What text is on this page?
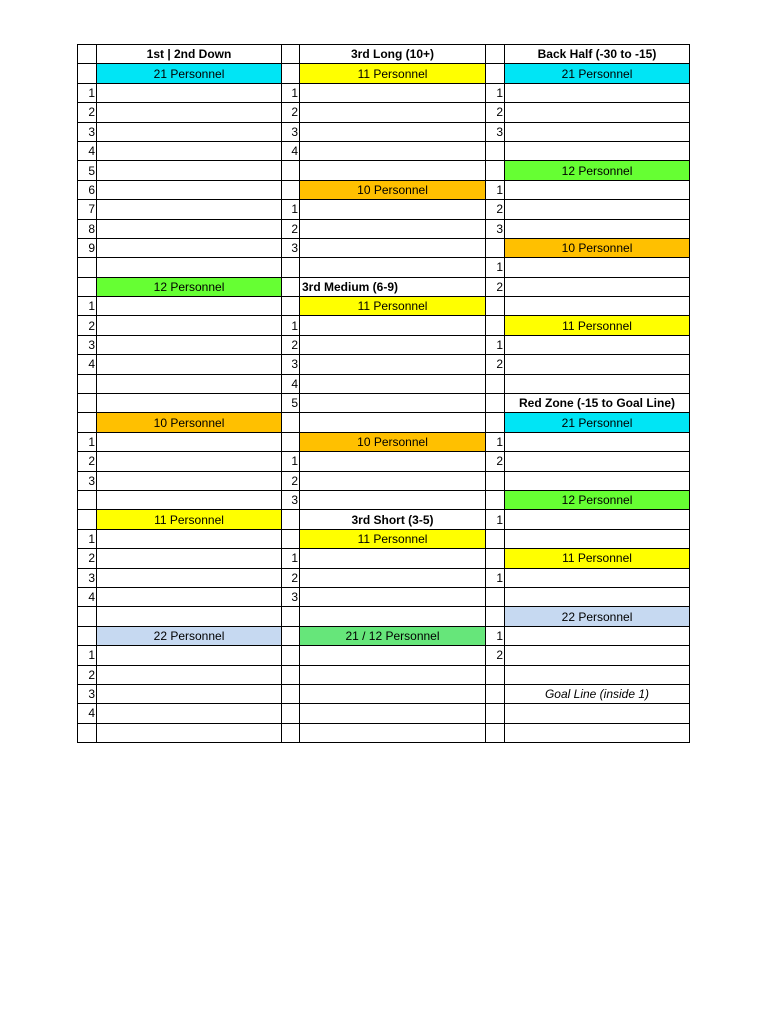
	1st | 2nd Down		3rd Long (10+)		Back Half (-30 to -15)
	21 Personnel		11 Personnel		21 Personnel
1		1		1	
2		2		2	
3		3		3	
4		4			
5					12 Personnel
6			10 Personnel	1	
7		1		2	
8		2		3	
9		3			10 Personnel
				1	
	12 Personnel		3rd Medium (6-9)	2	
1			11 Personnel		
2		1			11 Personnel
3		2		1	
4		3		2	
		4			
		5			Red Zone (-15 to Goal Line)
	10 Personnel				21 Personnel
1			10 Personnel	1	
2		1		2	
3		2			
		3			12 Personnel
	11 Personnel		3rd Short (3-5)	1	
1			11 Personnel		
2		1			11 Personnel
3		2		1	
4		3			
					22 Personnel
	22 Personnel		21 / 12 Personnel	1	
1				2	
2					
3					Goal Line (inside 1)
4					
